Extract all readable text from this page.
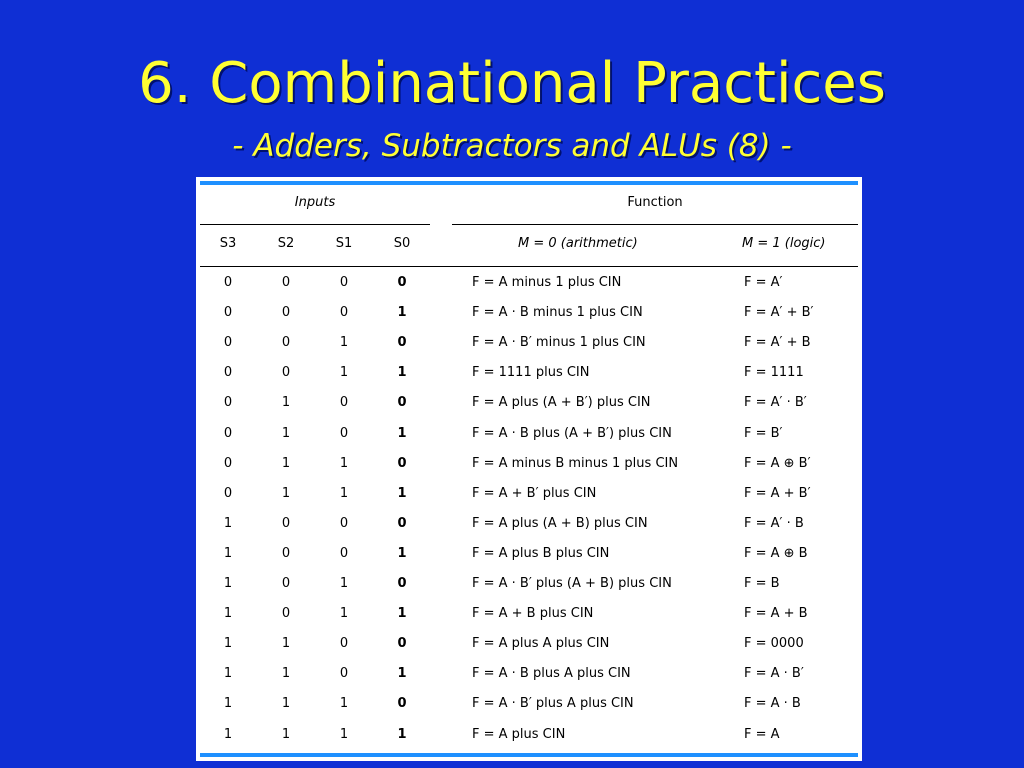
6. Combinational Practices
- Adders, Subtractors and ALUs (8) -
Inputs	Function
S3	S2	S1	S0	M = 0 (arithmetic)	M = 1 (logic)
0	0	0	0	F = A minus 1 plus CIN	F = A′
0	0	0	1	F = A · B minus 1 plus CIN	F = A′ + B′
0	0	1	0	F = A · B′ minus 1 plus CIN	F = A′ + B
0	0	1	1	F = 1111 plus CIN	F = 1111
0	1	0	0	F = A plus (A + B′) plus CIN	F = A′ · B′
0	1	0	1	F = A · B plus (A + B′) plus CIN	F = B′
0	1	1	0	F = A minus B minus 1 plus CIN	F = A ⊕ B′
0	1	1	1	F = A + B′ plus CIN	F = A + B′
1	0	0	0	F = A plus (A + B) plus CIN	F = A′ · B
1	0	0	1	F = A plus B plus CIN	F = A ⊕ B
1	0	1	0	F = A · B′ plus (A + B) plus CIN	F = B
1	0	1	1	F = A + B plus CIN	F = A + B
1	1	0	0	F = A plus A plus CIN	F = 0000
1	1	0	1	F = A · B plus A plus CIN	F = A · B′
1	1	1	0	F = A · B′ plus A plus CIN	F = A · B
1	1	1	1	F = A plus CIN	F = A
